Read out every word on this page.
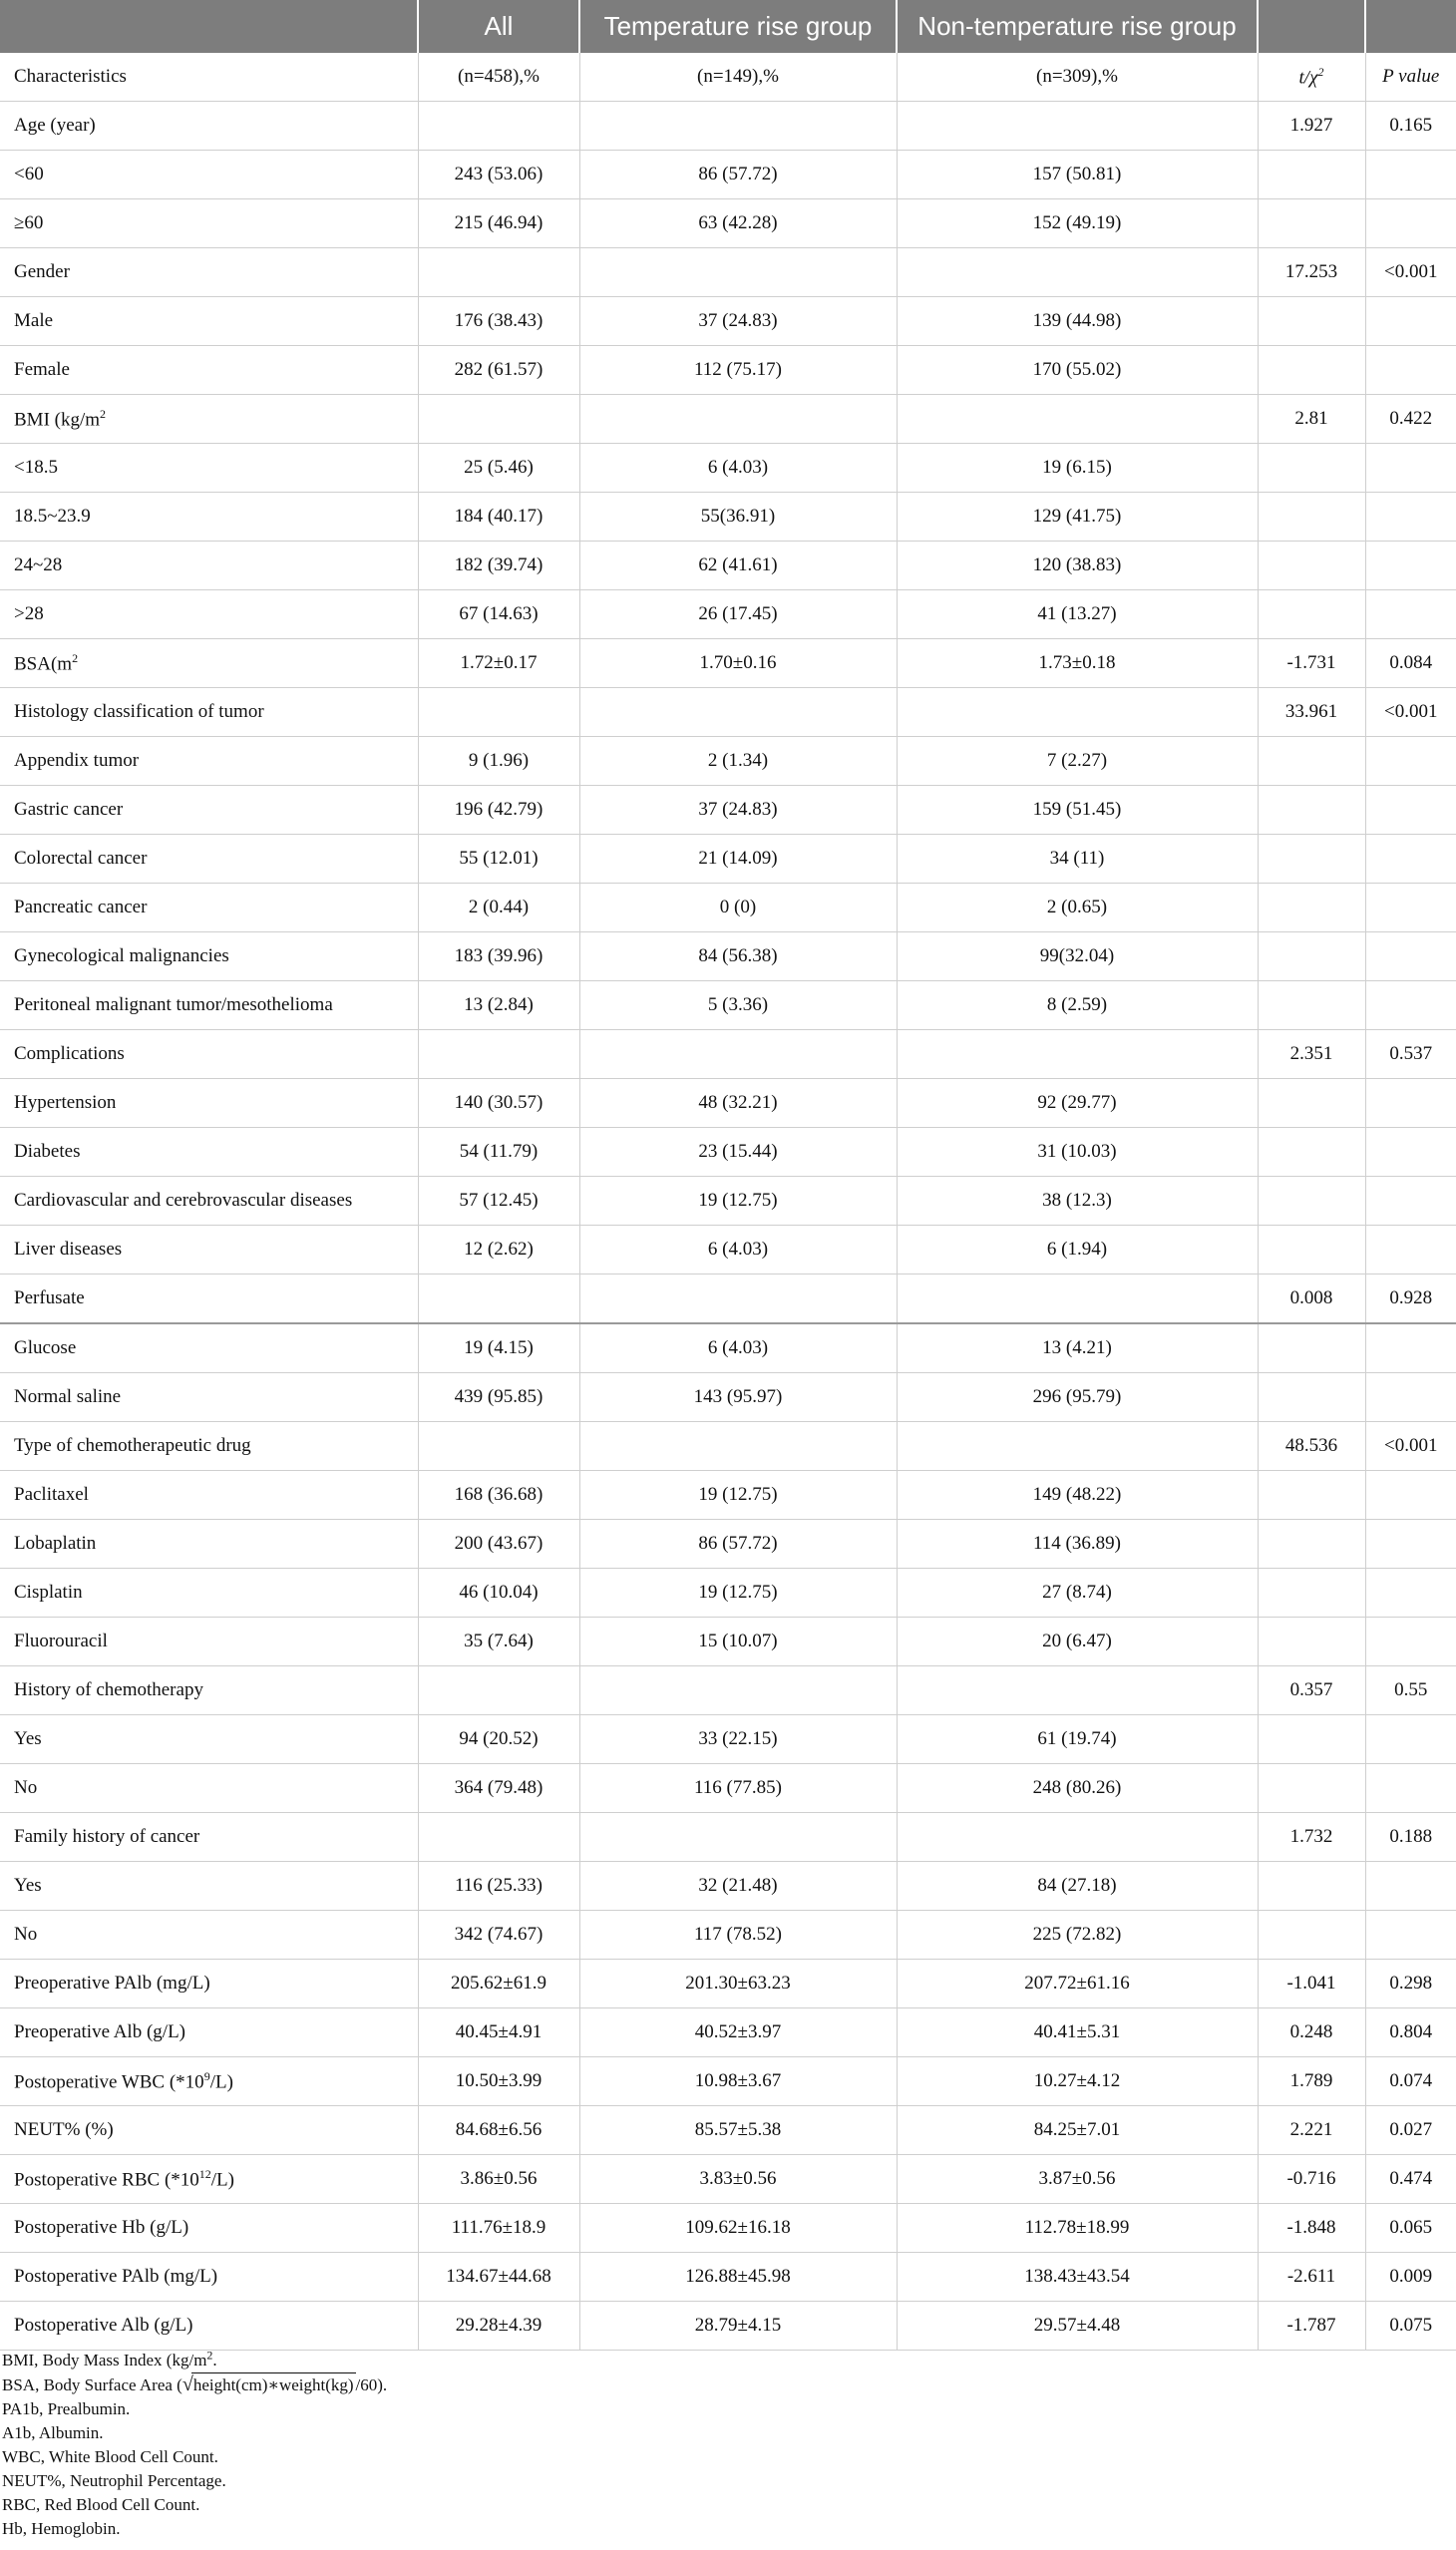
	All	Temperature rise group	Non-temperature rise group		
Characteristics	(n=458),%	(n=149),%	(n=309),%	$t/\chi^2$	P value
Age (year)				1.927	0.165
<60	243 (53.06)	86 (57.72)	157 (50.81)		
≥60	215 (46.94)	63 (42.28)	152 (49.19)		
Gender				17.253	<0.001
Male	176 (38.43)	37 (24.83)	139 (44.98)		
Female	282 (61.57)	112 (75.17)	170 (55.02)		
BMI ($kg/m^2$				2.81	0.422
<18.5	25 (5.46)	6 (4.03)	19 (6.15)		
18.5~23.9	184 (40.17)	55(36.91)	129 (41.75)		
24~28	182 (39.74)	62 (41.61)	120 (38.83)		
>28	67 (14.63)	26 (17.45)	41 (13.27)		
$BSA(m^2$	1.72±0.17	1.70±0.16	1.73±0.18	-1.731	0.084
Histology classification of tumor				33.961	<0.001
Appendix tumor	9 (1.96)	2 (1.34)	7 (2.27)		
Gastric cancer	196 (42.79)	37 (24.83)	159 (51.45)		
Colorectal cancer	55 (12.01)	21 (14.09)	34 (11)		
Pancreatic cancer	2 (0.44)	0 (0)	2 (0.65)		
Gynecological malignancies	183 (39.96)	84 (56.38)	99(32.04)		
Peritoneal malignant tumor/mesothelioma	13 (2.84)	5 (3.36)	8 (2.59)		
Complications				2.351	0.537
Hypertension	140 (30.57)	48 (32.21)	92 (29.77)		
Diabetes	54 (11.79)	23 (15.44)	31 (10.03)		
Cardiovascular and cerebrovascular diseases	57 (12.45)	19 (12.75)	38 (12.3)		
Liver diseases	12 (2.62)	6 (4.03)	6 (1.94)		
Perfusate				0.008	0.928
Glucose	19 (4.15)	6 (4.03)	13 (4.21)		
Normal saline	439 (95.85)	143 (95.97)	296 (95.79)		
Type of chemotherapeutic drug				48.536	<0.001
Paclitaxel	168 (36.68)	19 (12.75)	149 (48.22)		
Lobaplatin	200 (43.67)	86 (57.72)	114 (36.89)		
Cisplatin	46 (10.04)	19 (12.75)	27 (8.74)		
Fluorouracil	35 (7.64)	15 (10.07)	20 (6.47)		
History of chemotherapy				0.357	0.55
Yes	94 (20.52)	33 (22.15)	61 (19.74)		
No	364 (79.48)	116 (77.85)	248 (80.26)		
Family history of cancer				1.732	0.188
Yes	116 (25.33)	32 (21.48)	84 (27.18)		
No	342 (74.67)	117 (78.52)	225 (72.82)		
Preoperative PAlb (mg/L)	205.62±61.9	201.30±63.23	207.72±61.16	-1.041	0.298
Preoperative Alb (g/L)	40.45±4.91	40.52±3.97	40.41±5.31	0.248	0.804
Postoperative WBC $(*10^9/L)$	10.50±3.99	10.98±3.67	10.27±4.12	1.789	0.074
NEUT% (%)	84.68±6.56	85.57±5.38	84.25±7.01	2.221	0.027
Postoperative RBC $(*10^{12}/L)$	3.86±0.56	3.83±0.56	3.87±0.56	-0.716	0.474
Postoperative Hb (g/L)	111.76±18.9	109.62±16.18	112.78±18.99	-1.848	0.065
Postoperative PAlb (mg/L)	134.67±44.68	126.88±45.98	138.43±43.54	-2.611	0.009
Postoperative Alb (g/L)	29.28±4.39	28.79±4.15	29.57±4.48	-1.787	0.075
BMI, Body Mass Index ($kg/m^2$.
BSA, Body Surface Area (√height(cm)∗weight(kg) /60).
PA1b, Prealbumin.
A1b, Albumin.
WBC, White Blood Cell Count.
NEUT%, Neutrophil Percentage.
RBC, Red Blood Cell Count.
Hb, Hemoglobin.
